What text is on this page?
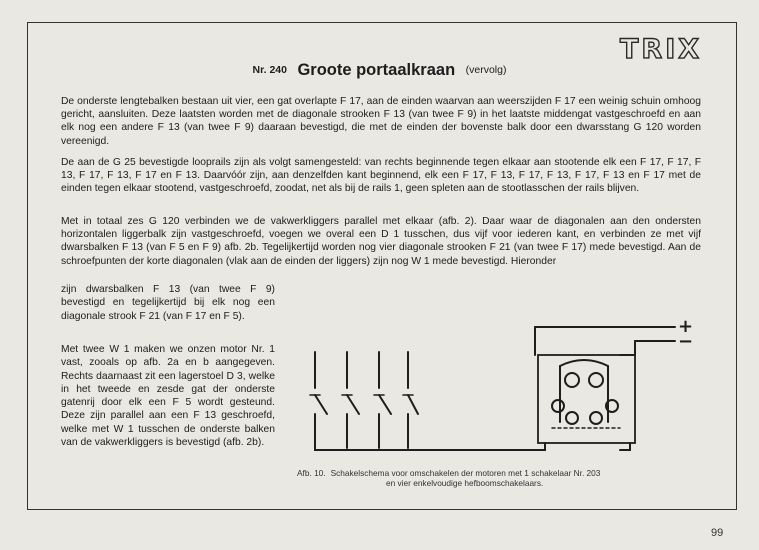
TRIX
Nr. 240 Groote portaalkraan (vervolg)

De onderste lengtebalken bestaan uit vier, een gat overlapte F 17, aan de einden waarvan aan weerszijden F 17 een weinig schuin omhoog gericht, aansluiten. Deze laatsten worden met de diagonale strooken F 13 (van twee F 9) in het laatste middengat vastgeschroefd en aan elk nog een andere F 13 (van twee F 9) daaraan bevestigd, die met de einden der bovenste balk door een dwarsstang G 120 worden vereenigd.

De aan de G 25 bevestigde looprails zijn als volgt samengesteld: van rechts beginnende tegen elkaar aan stootende elk een F 17, F 17, F 13, F 17, F 13, F 17 en F 13. Daarvóór zijn, aan denzelfden kant beginnend, elk een F 17, F 13, F 17, F 13, F 17, F 13 en F 17 met de einden tegen elkaar stootend, vastgeschroefd, zoodat, net als bij de rails 1, geen spleten aan de stootlasschen der rails blijven.

Met in totaal zes G 120 verbinden we de vakwerkliggers parallel met elkaar (afb. 2). Daar waar de diagonalen aan den ondersten horizontalen liggerbalk zijn vastgeschroefd, voegen we overal een D 1 tusschen, dus vijf voor iederen kant, en verbinden ze met vijf dwarsbalken F 13 (van F 5 en F 9) afb. 2b. Tegelijkertijd worden nog vier diagonale strooken F 21 (van twee F 17) mede bevestigd. Aan de schroefpunten der korte diagonalen (vlak aan de einden der liggers) zijn nog W 1 mede bevestigd. Hieronder

zijn dwarsbalken F 13 (van twee F 9) bevestigd en tegelijkertijd bij elk nog een diagonale strook F 21 (van F 17 en F 5).

Met twee W 1 maken we onzen motor Nr. 1 vast, zooals op afb. 2a en b aangegeven. Rechts daarnaast zit een lagerstoel D 3, welke in het tweede en zesde gat der onderste gatenrij door elk een F 5 wordt gesteund. Deze zijn parallel aan een F 13 geschroefd, welke met W 1 tusschen de onderste balken van de vakwerkliggers is bevestigd (afb. 2b).

+
−
Afb. 10. Schakelschema voor omschakelen der motoren met 1 schakelaar Nr. 203
en vier enkelvoudige hefboomschakelaars.
99
